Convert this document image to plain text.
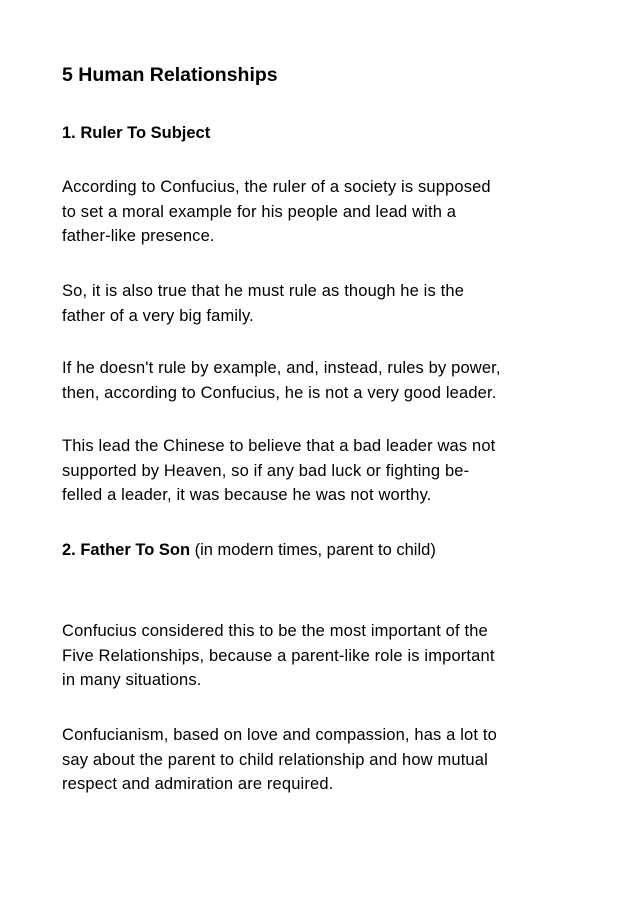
5 Human Relationships
1. Ruler To Subject
According to Confucius, the ruler of a society is supposed
to set a moral example for his people and lead with a
father-like presence.
So, it is also true that he must rule as though he is the
father of a very big family.
If he doesn't rule by example, and, instead, rules by power,
then, according to Confucius, he is not a very good leader.
This lead the Chinese to believe that a bad leader was not
supported by Heaven, so if any bad luck or fighting be-
felled a leader, it was because he was not worthy.
2. Father To Son (in modern times, parent to child)
Confucius considered this to be the most important of the
Five Relationships, because a parent-like role is important
in many situations.
Confucianism, based on love and compassion, has a lot to
say about the parent to child relationship and how mutual
respect and admiration are required.
